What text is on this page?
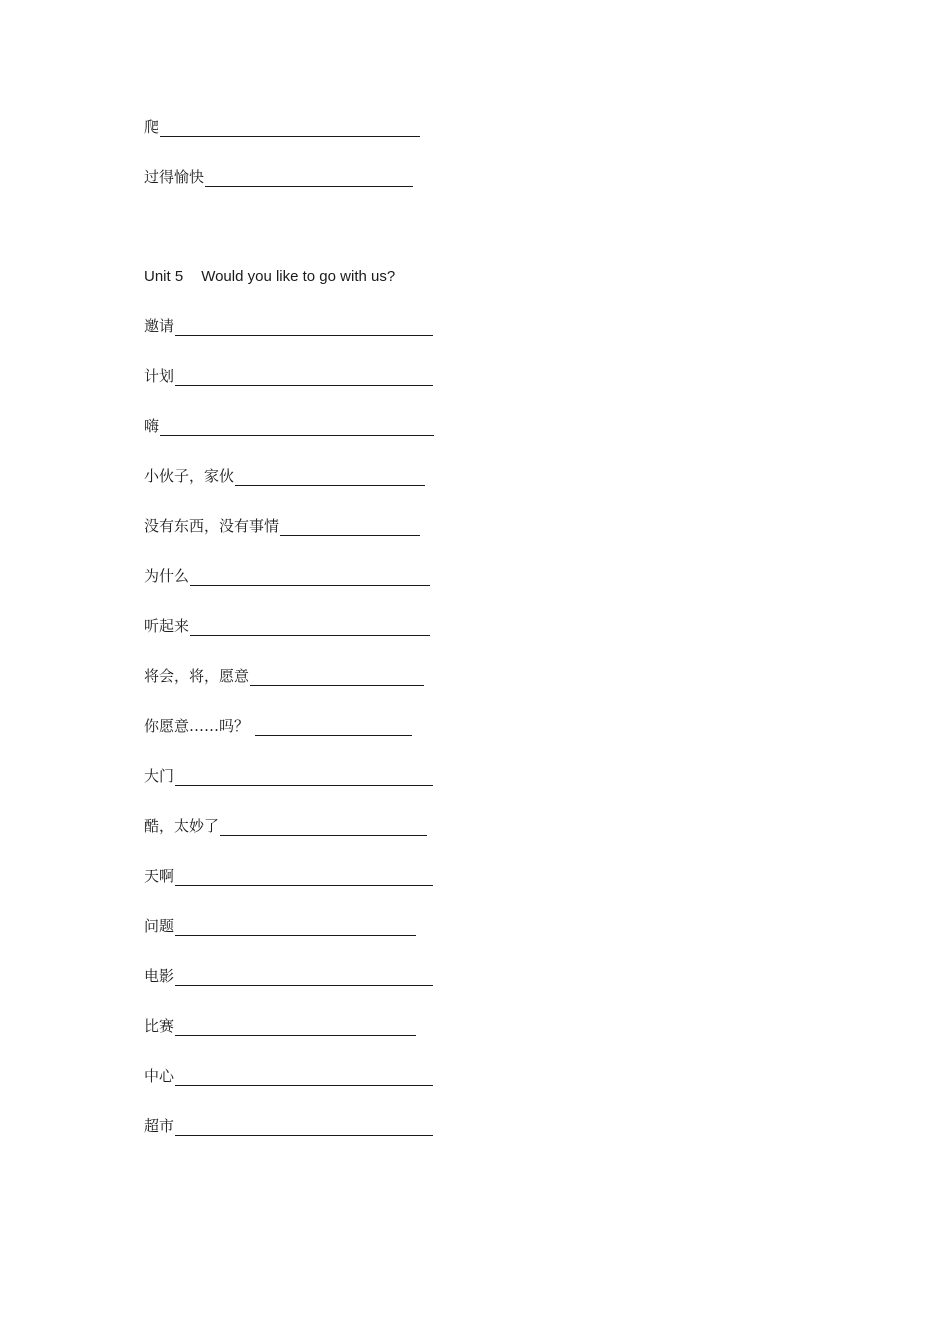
爬
过得愉快
Unit 5 Would you like to go with us?
邀请
计划
嗨
小伙子，家伙
没有东西，没有事情
为什么
听起来
将会，将，愿意
你愿意……吗？
大门
酷，太妙了
天啊
问题
电影
比赛
中心
超市
